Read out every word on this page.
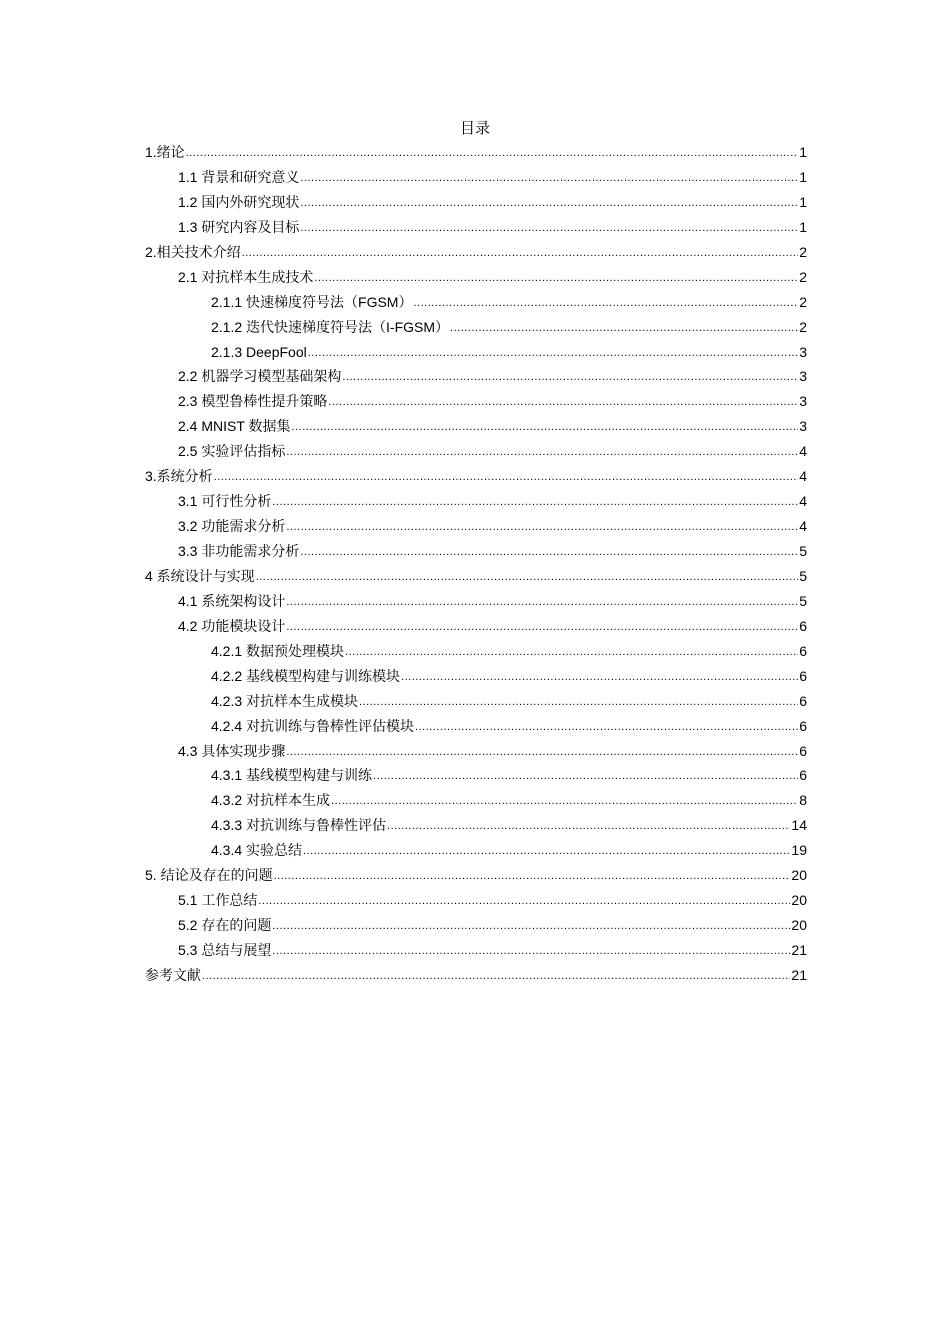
目录
1.绪论 .....	1
1.1 背景和研究意义 .....	1
1.2 国内外研究现状 .....	1
1.3 研究内容及目标 .....	1
2.相关技术介绍 .....	2
2.1 对抗样本生成技术 .....	2
2.1.1 快速梯度符号法（FGSM） .....	2
2.1.2 迭代快速梯度符号法（I-FGSM） .....	2
2.1.3 DeepFool .....	3
2.2 机器学习模型基础架构 .....	3
2.3 模型鲁棒性提升策略 .....	3
2.4 MNIST 数据集 .....	3
2.5 实验评估指标 .....	4
3.系统分析 .....	4
3.1 可行性分析 .....	4
3.2 功能需求分析 .....	4
3.3 非功能需求分析 .....	5
4 系统设计与实现 .....	5
4.1 系统架构设计 .....	5
4.2 功能模块设计 .....	6
4.2.1 数据预处理模块 .....	6
4.2.2 基线模型构建与训练模块 .....	6
4.2.3 对抗样本生成模块 .....	6
4.2.4 对抗训练与鲁棒性评估模块 .....	6
4.3 具体实现步骤 .....	6
4.3.1 基线模型构建与训练 .....	6
4.3.2 对抗样本生成 .....	8
4.3.3 对抗训练与鲁棒性评估 .....	14
4.3.4 实验总结 .....	19
5. 结论及存在的问题 .....	20
5.1 工作总结 .....	20
5.2 存在的问题 .....	20
5.3 总结与展望 .....	21
参考文献 .....	21
